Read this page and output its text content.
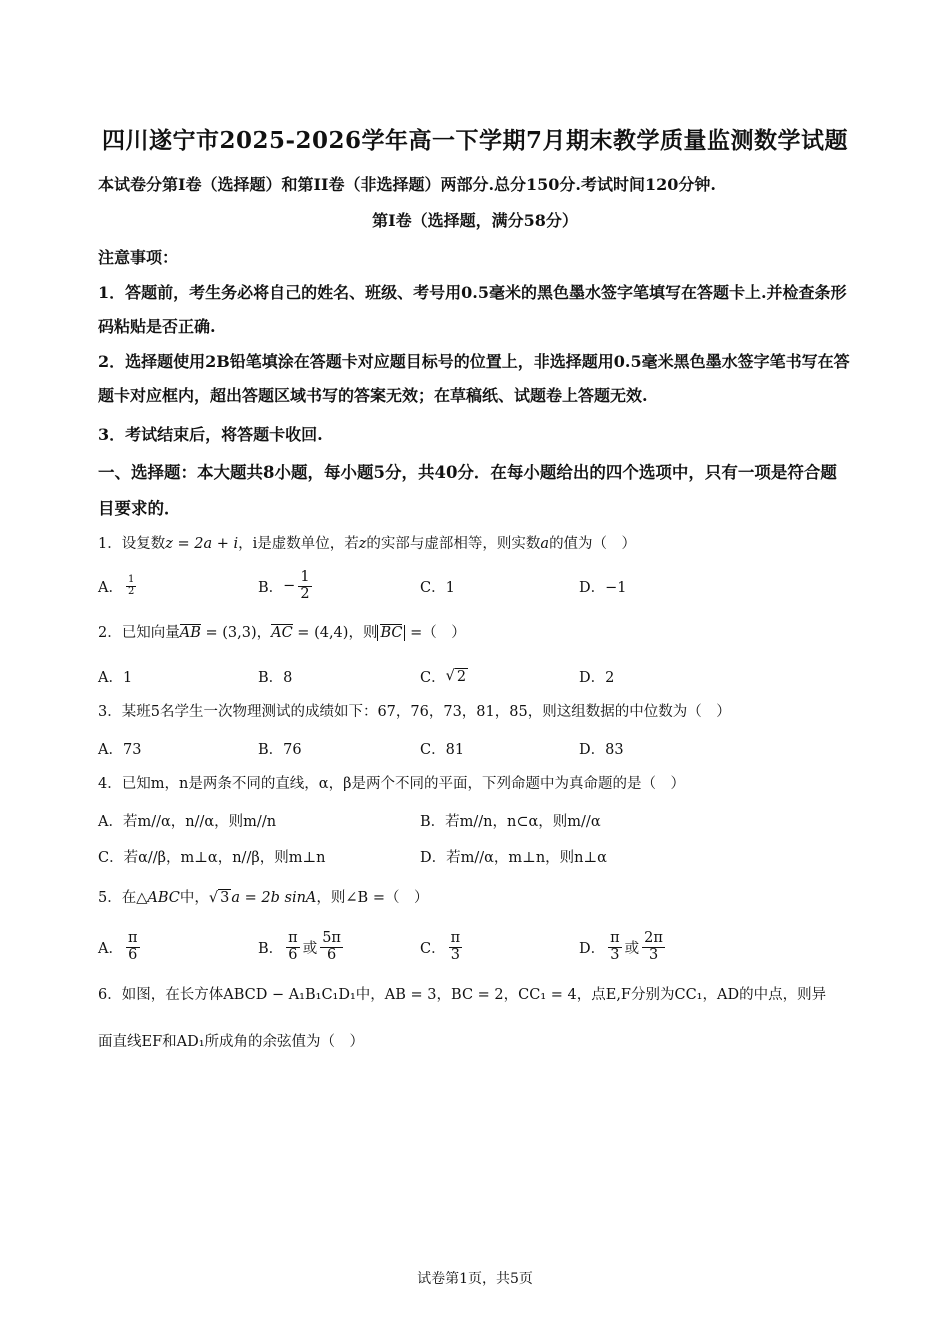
四川遂宁市2025-2026学年高一下学期7月期末教学质量监测数学试题
本试卷分第I卷（选择题）和第II卷（非选择题）两部分.总分150分.考试时间120分钟.
第I卷（选择题，满分58分）
注意事项：
1．答题前，考生务必将自己的姓名、班级、考号用0.5毫米的黑色墨水签字笔填写在答题卡上.并检查条形码粘贴是否正确.
2．选择题使用2B铅笔填涂在答题卡对应题目标号的位置上，非选择题用0.5毫米黑色墨水签字笔书写在答题卡对应框内，超出答题区域书写的答案无效；在草稿纸、试题卷上答题无效.
3．考试结束后，将答题卡收回.
一、选择题：本大题共8小题，每小题5分，共40分．在每小题给出的四个选项中，只有一项是符合题目要求的．
1．设复数z = 2a + i，i是虚数单位，若z的实部与虚部相等，则实数a的值为（　）
A． $\frac{1}{2}$	B． − $\frac{1}{2}$	C．1	D．−1
2．已知向量AB = (3,3)，AC = (4,4)，则 BC =（　）
A．1	B．8	C． √ 2	D．2
3．某班5名学生一次物理测试的成绩如下：67，76，73，81，85，则这组数据的中位数为（　）
A．73	B．76	C．81	D．83
4．已知m，n是两条不同的直线，α，β是两个不同的平面，下列命题中为真命题的是（　）
A．若m//α，n//α，则m//n	B．若m//n，n⊂α，则m//α
C．若α//β，m⊥α，n//β，则m⊥n	D．若m//α，m⊥n，则n⊥α
5．在△ABC中，√ 3 a = 2b sinA，则∠B =（　）
A． $\frac{\pi}{6}$	B． $\frac{\pi}{6}$ 或 $\frac{5\pi}{6}$	C． $\frac{\pi}{3}$	D． $\frac{\pi}{3}$ 或 $\frac{2\pi}{3}$
6．如图，在长方体ABCD − A₁B₁C₁D₁中，AB = 3，BC = 2，CC₁ = 4，点E,F分别为CC₁，AD的中点，则异
面直线EF和AD₁所成角的余弦值为（　）
试卷第1页，共5页
